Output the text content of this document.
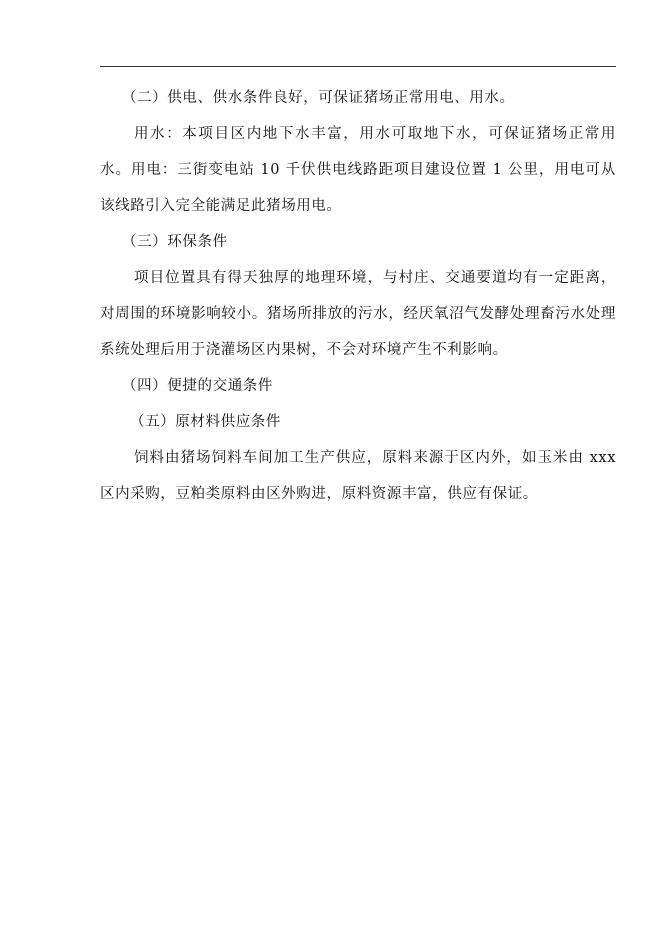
（二）供电、供水条件良好，可保证猪场正常用电、用水。

用水：本项目区内地下水丰富，用水可取地下水，可保证猪场正常用水。用电：三街变电站 10 千伏供电线路距项目建设位置 1 公里，用电可从该线路引入完全能满足此猪场用电。

（三）环保条件

项目位置具有得天独厚的地理环境，与村庄、交通要道均有一定距离，对周围的环境影响较小。猪场所排放的污水，经厌氧沼气发酵处理畜污水处理系统处理后用于浇灌场区内果树，不会对环境产生不利影响。

（四）便捷的交通条件

（五）原材料供应条件

饲料由猪场饲料车间加工生产供应，原料来源于区内外，如玉米由 xxx 区内采购，豆粕类原料由区外购进，原料资源丰富，供应有保证。
